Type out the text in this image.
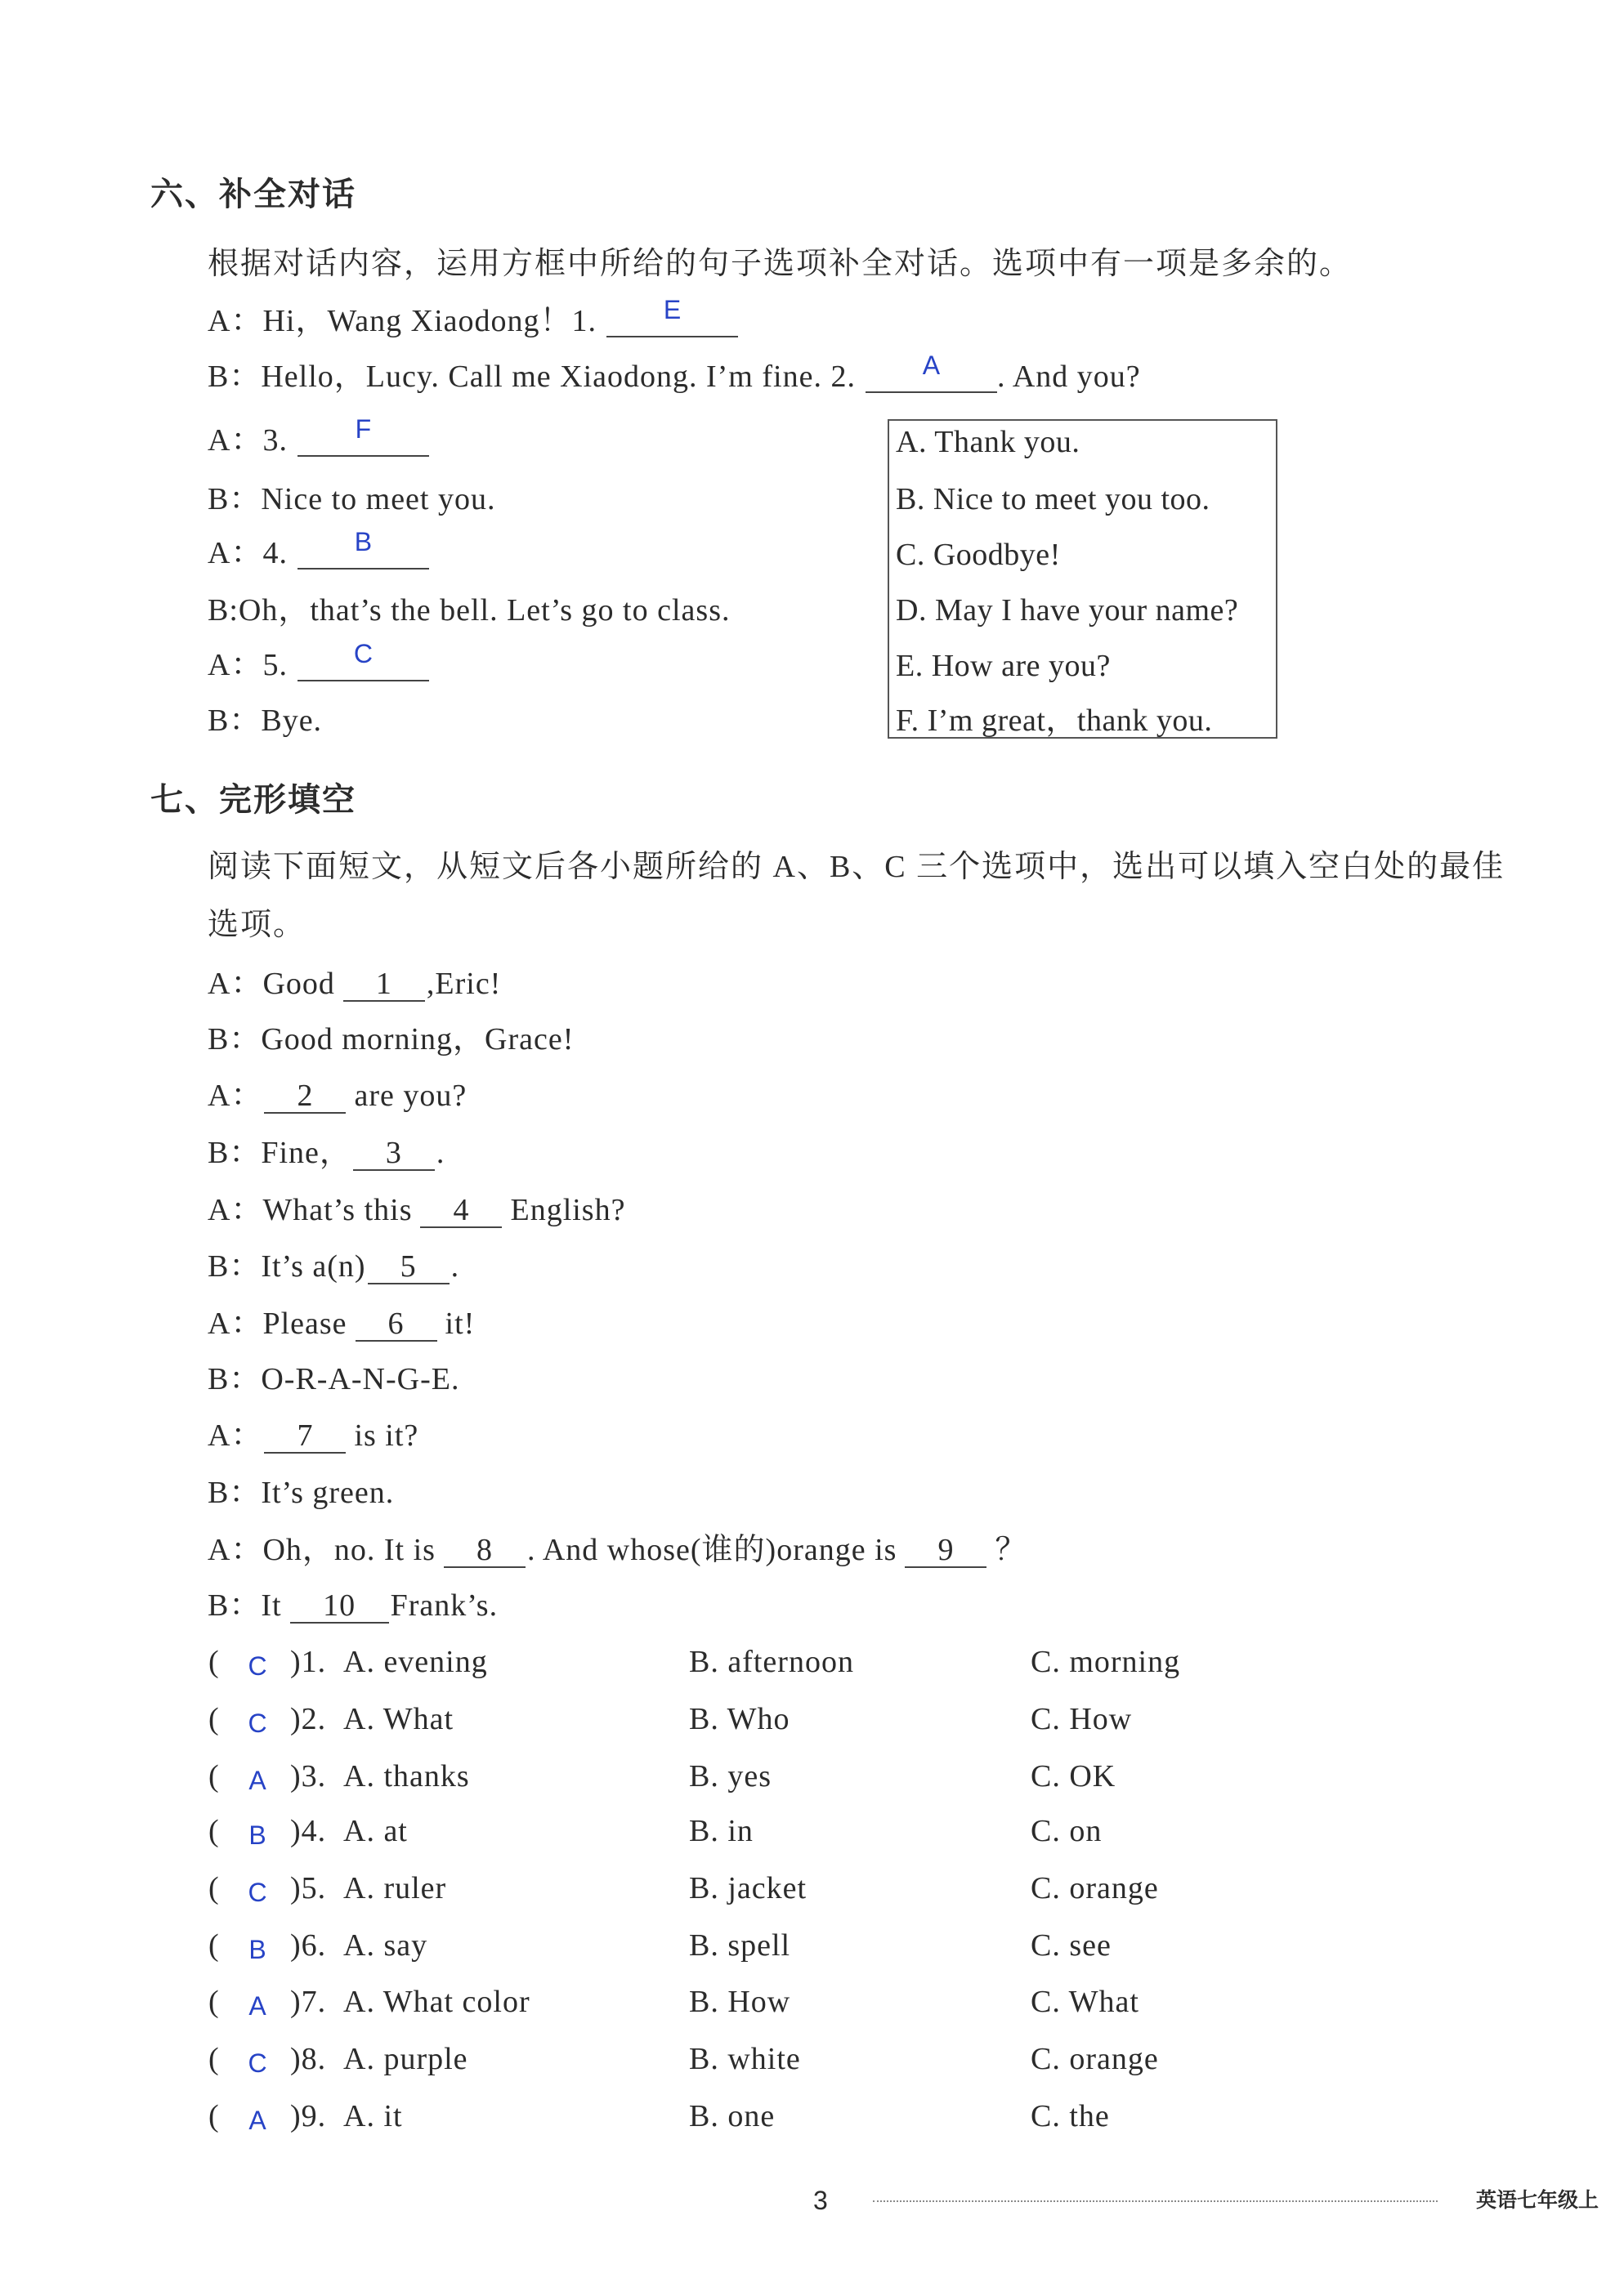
六、补全对话
根据对话内容，运用方框中所给的句子选项补全对话。选项中有一项是多余的。
A：Hi，Wang Xiaodong！1.	E
B：Hello，Lucy. Call me Xiaodong. I’m fine. 2.	A	. And you?
A：3.	F
B：Nice to meet you.
A：4.	B
B:Oh，that’s the bell. Let’s go to class.
A：5.	C
B：Bye.
A. Thank you.
B. Nice to meet you too.
C. Goodbye!
D. May I have your name?
E. How are you?
F. I’m great，thank you.
七、完形填空
阅读下面短文，从短文后各小题所给的 A、B、C 三个选项中，选出可以填入空白处的最佳
选项。
A：Good 1 ,Eric!
B：Good morning，Grace!
A： 2 are you?
B：Fine， 3 .
A：What’s this 4 English?
B：It’s a(n) 5 .
A：Please 6 it!
B：O-R-A-N-G-E.
A： 7 is it?
B：It’s green.
A：Oh，no. It is 8 . And whose(谁的)orange is 9 ？
B：It 10 Frank’s.
( C )1. A. evening	B. afternoon	C. morning
( C )2. A. What	B. Who	C. How
( A )3. A. thanks	B. yes	C. OK
( B )4. A. at	B. in	C. on
( C )5. A. ruler	B. jacket	C. orange
( B )6. A. say	B. spell	C. see
( A )7. A. What color	B. How	C. What
( C )8. A. purple	B. white	C. orange
( A )9. A. it	B. one	C. the
3	英语七年级上
